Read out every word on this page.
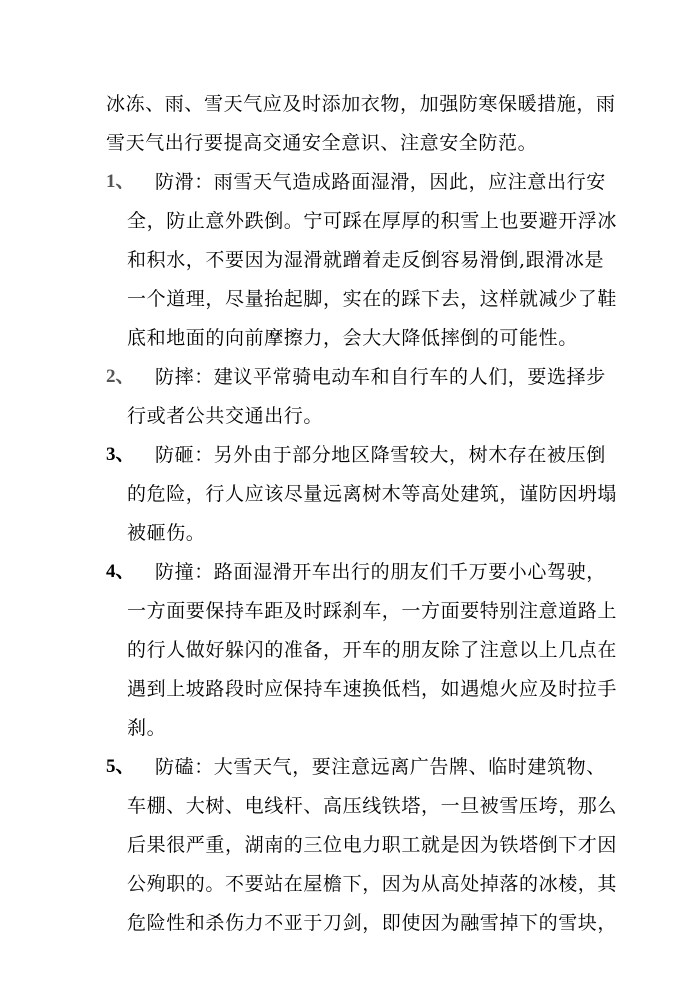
冰冻、雨、雪天气应及时添加衣物，加强防寒保暖措施，雨
雪天气出行要提高交通安全意识、注意安全防范。
1、 防滑：雨雪天气造成路面湿滑，因此，应注意出行安
全，防止意外跌倒。宁可踩在厚厚的积雪上也要避开浮冰
和积水，不要因为湿滑就蹭着走反倒容易滑倒,跟滑冰是
一个道理，尽量抬起脚，实在的踩下去，这样就减少了鞋
底和地面的向前摩擦力，会大大降低摔倒的可能性。
2、 防摔：建议平常骑电动车和自行车的人们，要选择步
行或者公共交通出行。
3、 防砸：另外由于部分地区降雪较大，树木存在被压倒
的危险，行人应该尽量远离树木等高处建筑，谨防因坍塌
被砸伤。
4、 防撞：路面湿滑开车出行的朋友们千万要小心驾驶，
一方面要保持车距及时踩刹车，一方面要特别注意道路上
的行人做好躲闪的准备，开车的朋友除了注意以上几点在
遇到上坡路段时应保持车速换低档，如遇熄火应及时拉手
刹。
5、 防磕：大雪天气，要注意远离广告牌、临时建筑物、
车棚、大树、电线杆、高压线铁塔，一旦被雪压垮，那么
后果很严重，湖南的三位电力职工就是因为铁塔倒下才因
公殉职的。不要站在屋檐下，因为从高处掉落的冰棱，其
危险性和杀伤力不亚于刀剑，即使因为融雪掉下的雪块，
